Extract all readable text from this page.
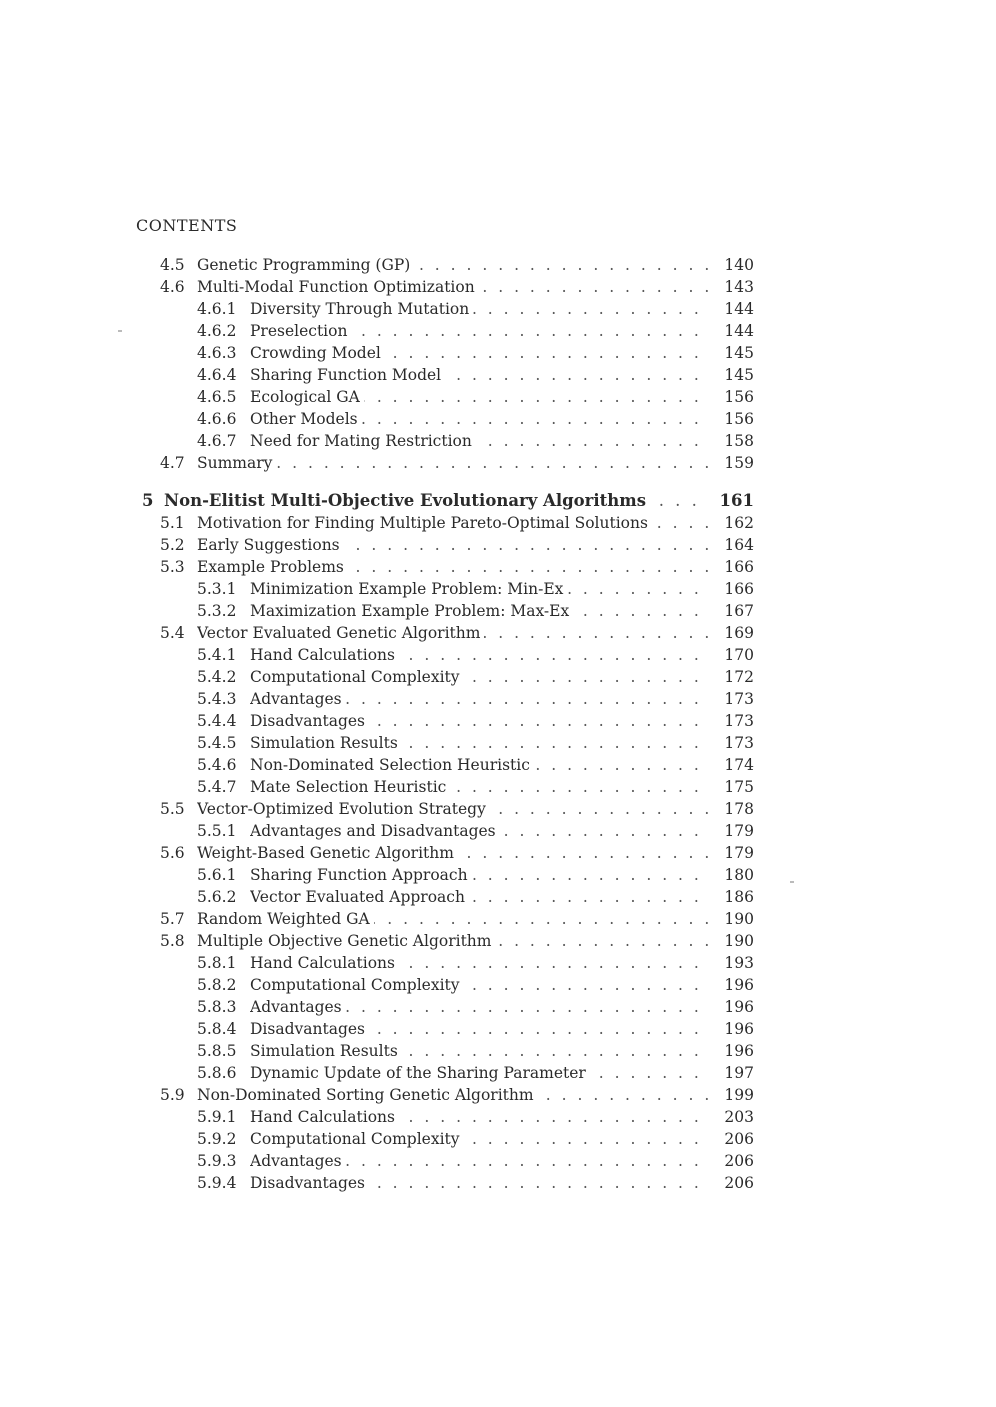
CONTENTS
4.5 Genetic Programming (GP) . . .	140
4.6 Multi-Modal Function Optimization . . .	143
4.6.1 Diversity Through Mutation . . .	144
4.6.2 Preselection . . .	144
4.6.3 Crowding Model . . .	145
4.6.4 Sharing Function Model . . .	145
4.6.5 Ecological GA . . .	156
4.6.6 Other Models . . .	156
4.6.7 Need for Mating Restriction . . .	158
4.7 Summary . . .	159
5 Non-Elitist Multi-Objective Evolutionary Algorithms . . .	161
5.1 Motivation for Finding Multiple Pareto-Optimal Solutions . . .	162
5.2 Early Suggestions . . .	164
5.3 Example Problems . . .	166
5.3.1 Minimization Example Problem: Min-Ex . . .	166
5.3.2 Maximization Example Problem: Max-Ex . . .	167
5.4 Vector Evaluated Genetic Algorithm . . .	169
5.4.1 Hand Calculations . . .	170
5.4.2 Computational Complexity . . .	172
5.4.3 Advantages . . .	173
5.4.4 Disadvantages . . .	173
5.4.5 Simulation Results . . .	173
5.4.6 Non-Dominated Selection Heuristic . . .	174
5.4.7 Mate Selection Heuristic . . .	175
5.5 Vector-Optimized Evolution Strategy . . .	178
5.5.1 Advantages and Disadvantages . . .	179
5.6 Weight-Based Genetic Algorithm . . .	179
5.6.1 Sharing Function Approach . . .	180
5.6.2 Vector Evaluated Approach . . .	186
5.7 Random Weighted GA . . .	190
5.8 Multiple Objective Genetic Algorithm . . .	190
5.8.1 Hand Calculations . . .	193
5.8.2 Computational Complexity . . .	196
5.8.3 Advantages . . .	196
5.8.4 Disadvantages . . .	196
5.8.5 Simulation Results . . .	196
5.8.6 Dynamic Update of the Sharing Parameter . . .	197
5.9 Non-Dominated Sorting Genetic Algorithm . . .	199
5.9.1 Hand Calculations . . .	203
5.9.2 Computational Complexity . . .	206
5.9.3 Advantages . . .	206
5.9.4 Disadvantages . . .	206
